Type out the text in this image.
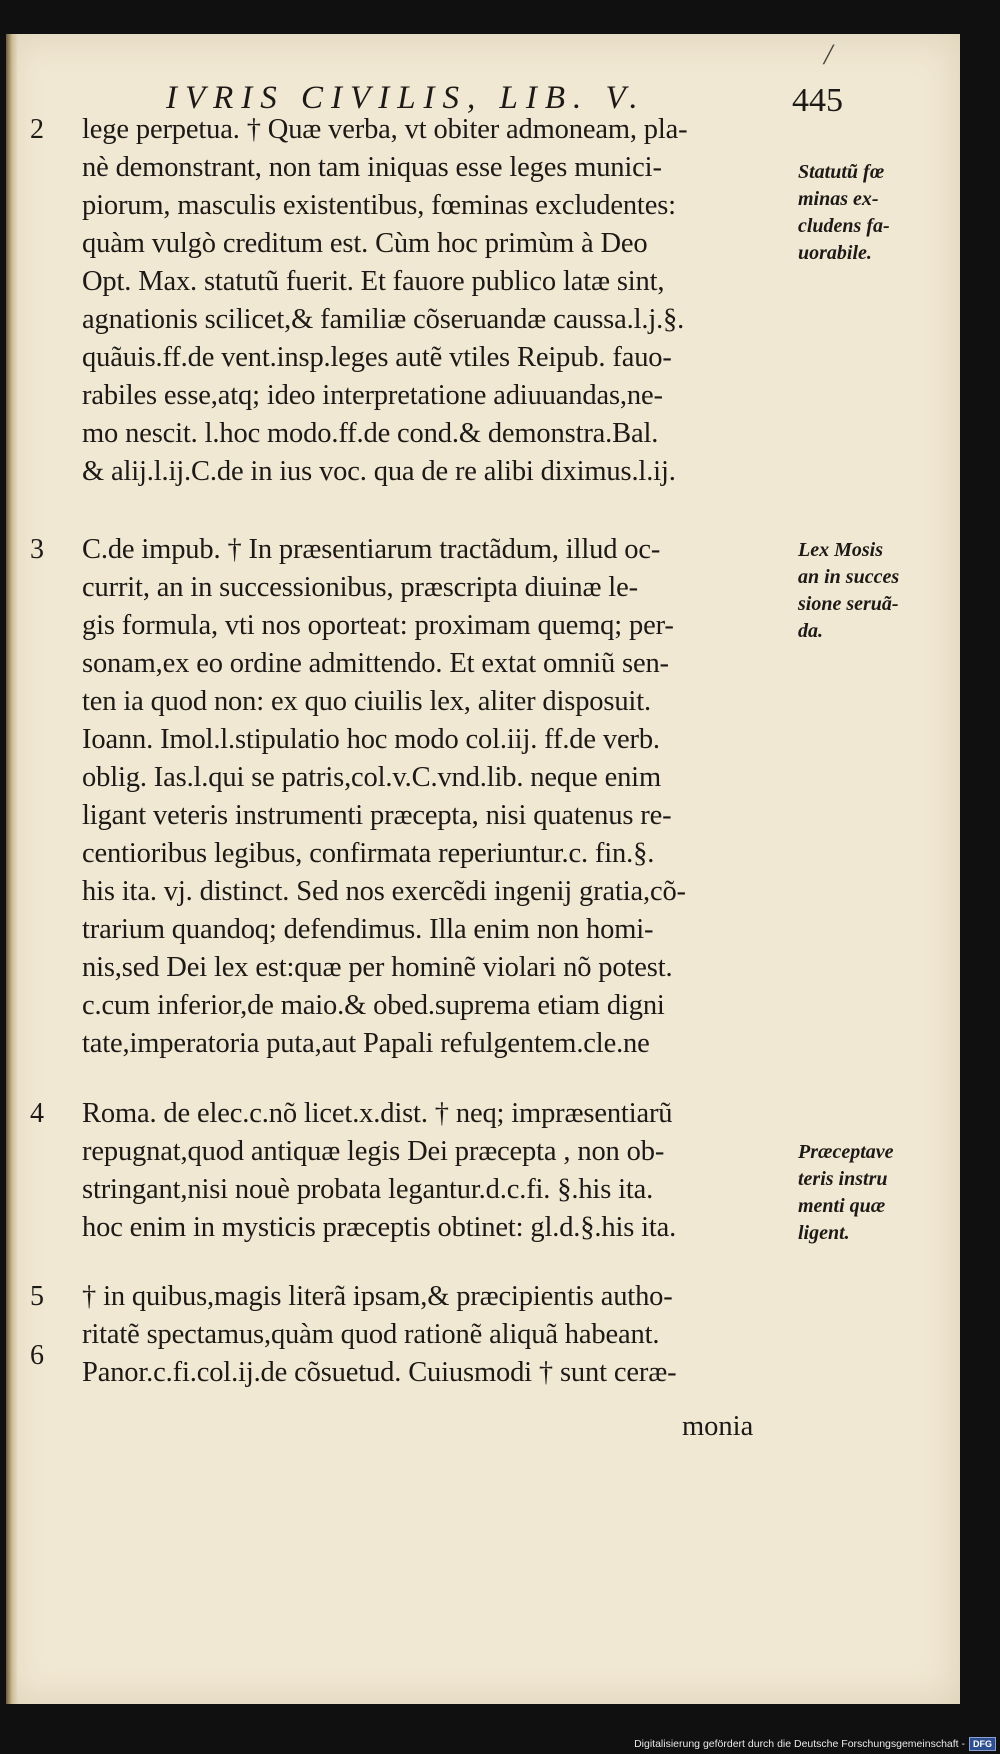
/
IVRIS CIVILIS, LIB. V.	445
2
3
4
5
6
lege perpetua. † Quæ verba, vt obiter admoneam, pla-
nè demonstrant, non tam iniquas esse leges munici-
piorum, masculis existentibus, fœminas excludentes:
quàm vulgò creditum est. Cùm hoc primùm à Deo
Opt. Max. statutũ fuerit. Et fauore publico latæ sint,
agnationis scilicet,& familiæ cõseruandæ caussa.l.j.§.
quãuis.ff.de vent.insp.leges autẽ vtiles Reipub. fauo-
rabiles esse,atq; ideo interpretatione adiuuandas,ne-
mo nescit. l.hoc modo.ff.de cond.& demonstra.Bal.
& alij.l.ij.C.de in ius voc. qua de re alibi diximus.l.ij.
C.de impub. † In præsentiarum tractãdum, illud oc-
currit, an in successionibus, præscripta diuinæ le-
gis formula, vti nos oporteat: proximam quemq; per-
sonam,ex eo ordine admittendo. Et extat omniũ sen-
ten ia quod non: ex quo ciuilis lex, aliter disposuit.
Ioann. Imol.l.stipulatio hoc modo col.iij. ff.de verb.
oblig. Ias.l.qui se patris,col.v.C.vnd.lib. neque enim
ligant veteris instrumenti præcepta, nisi quatenus re-
centioribus legibus, confirmata reperiuntur.c. fin.§.
his ita. vj. distinct. Sed nos exercẽdi ingenij gratia,cõ-
trarium quandoq; defendimus. Illa enim non homi-
nis,sed Dei lex est:quæ per hominẽ violari nõ potest.
c.cum inferior,de maio.& obed.suprema etiam digni
tate,imperatoria puta,aut Papali refulgentem.cle.ne
Roma. de elec.c.nõ licet.x.dist. † neq; impræsentiarũ
repugnat,quod antiquæ legis Dei præcepta , non ob-
stringant,nisi nouè probata legantur.d.c.fi. §.his ita.
hoc enim in mysticis præceptis obtinet: gl.d.§.his ita.
† in quibus,magis literã ipsam,& præcipientis autho-
ritatẽ spectamus,quàm quod rationẽ aliquã habeant.
Panor.c.fi.col.ij.de cõsuetud. Cuiusmodi † sunt ceræ-
monia
Statutũ fœ
minas ex-
cludens fa-
uorabile.
Lex Mosis
an in succes
sione seruã-
da.
Præceptave
teris instru
menti quæ
ligent.
Digitalisierung gefördert durch die Deutsche Forschungsgemeinschaft - DFG
